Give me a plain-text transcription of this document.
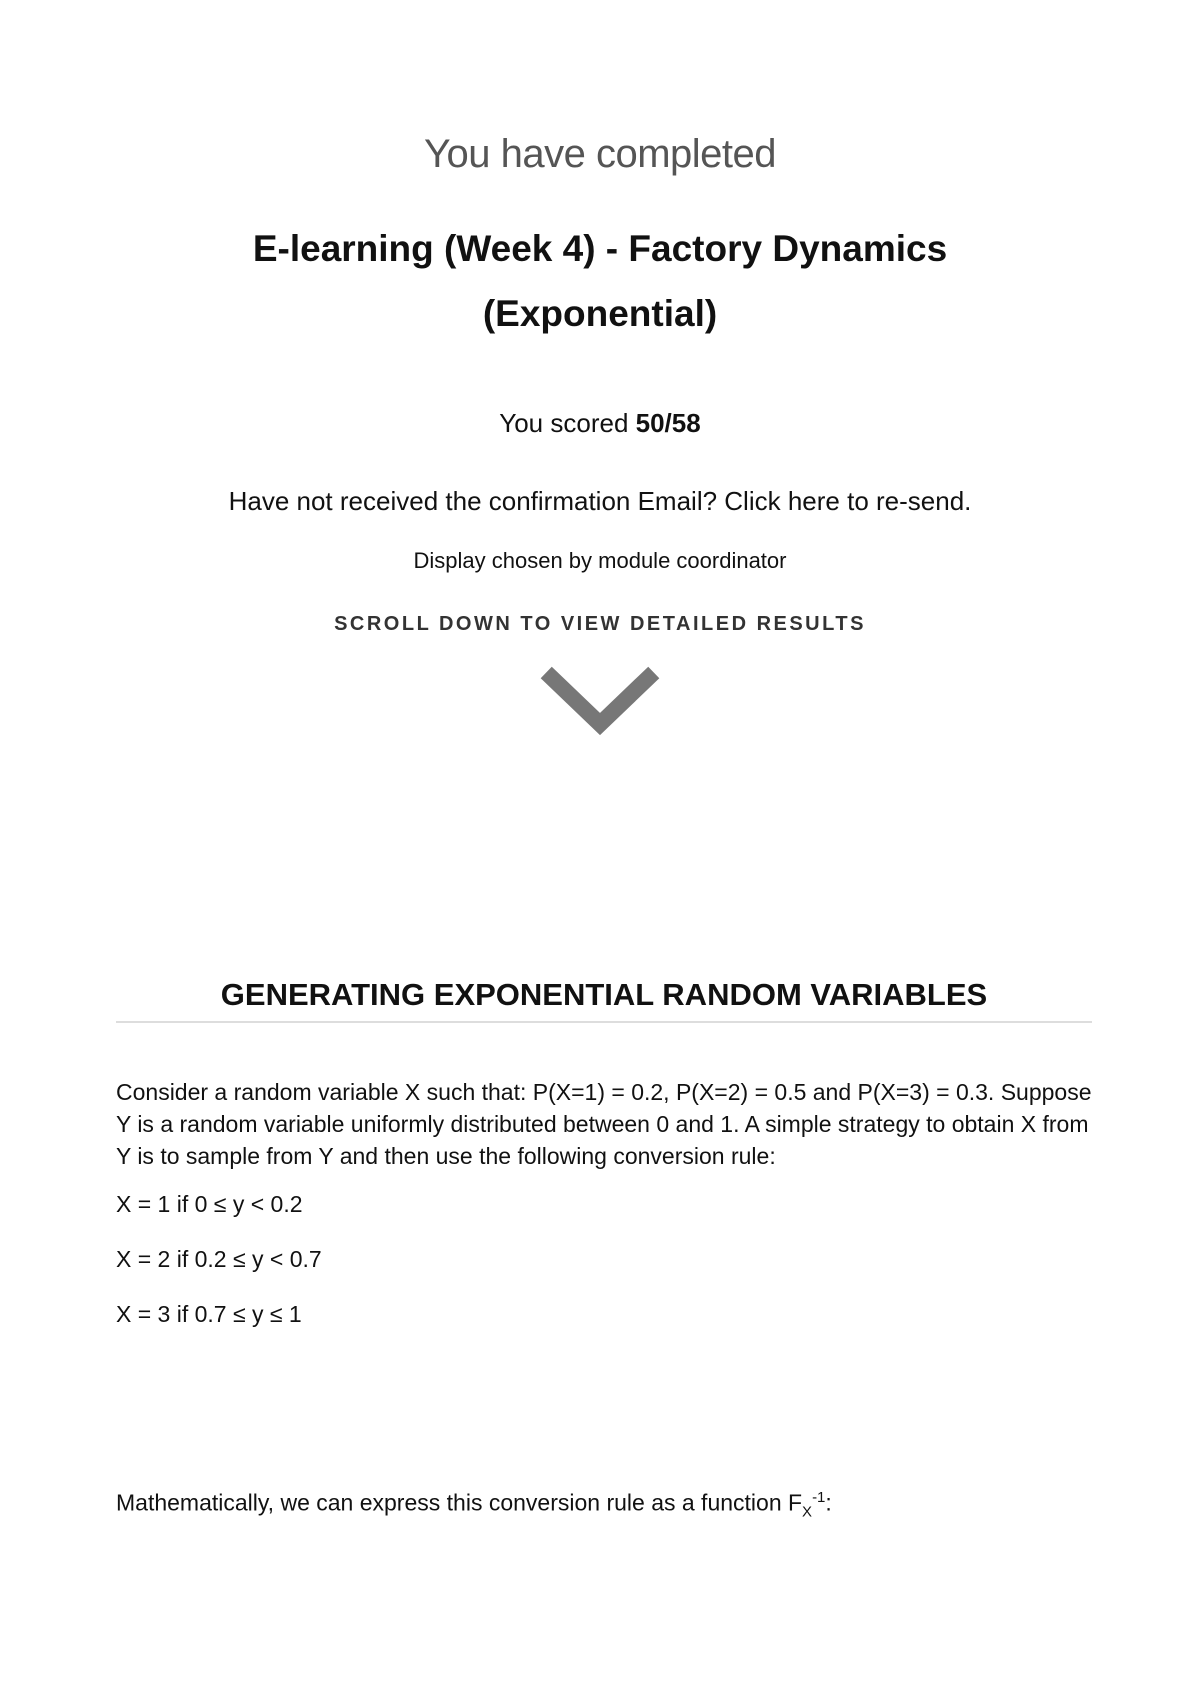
You have completed
E-learning (Week 4) - Factory Dynamics (Exponential)
You scored 50/58
Have not received the confirmation Email? Click here to re-send.
Display chosen by module coordinator
SCROLL DOWN TO VIEW DETAILED RESULTS
GENERATING EXPONENTIAL RANDOM VARIABLES

Consider a random variable X such that: P(X=1) = 0.2, P(X=2) = 0.5 and P(X=3) = 0.3. Suppose Y is a random variable uniformly distributed between 0 and 1. A simple strategy to obtain X from Y is to sample from Y and then use the following conversion rule:

X = 1 if 0 ≤ y < 0.2

X = 2 if 0.2 ≤ y < 0.7

X = 3 if 0.7 ≤ y ≤ 1

Mathematically, we can express this conversion rule as a function $F_X^{-1}$:
